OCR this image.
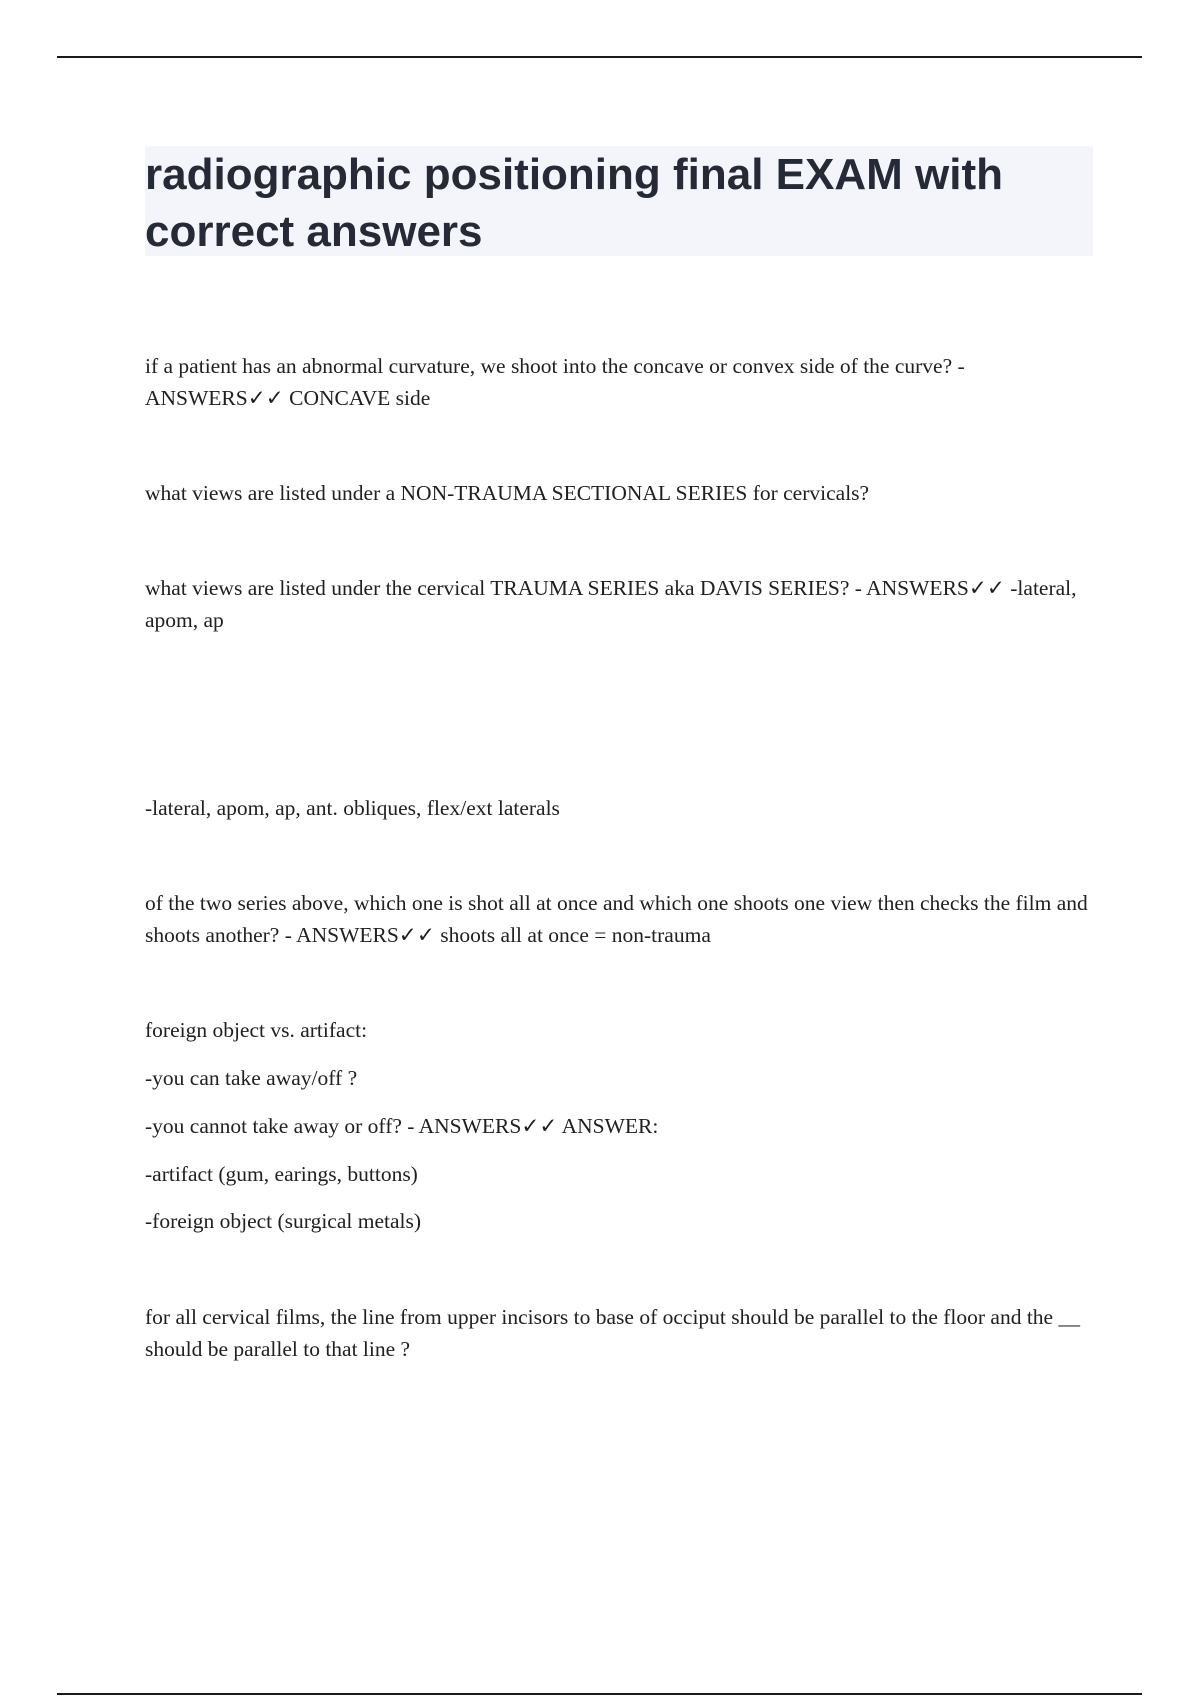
radiographic positioning final EXAM with correct answers

if a patient has an abnormal curvature, we shoot into the concave or convex side of the curve? - ANSWERS✓✓ CONCAVE side

what views are listed under a NON-TRAUMA SECTIONAL SERIES for cervicals?

what views are listed under the cervical TRAUMA SERIES aka DAVIS SERIES? - ANSWERS✓✓ -lateral, apom, ap

-lateral, apom, ap, ant. obliques, flex/ext laterals

of the two series above, which one is shot all at once and which one shoots one view then checks the film and shoots another? - ANSWERS✓✓ shoots all at once = non-trauma

foreign object vs. artifact:

-you can take away/off ?

-you cannot take away or off? - ANSWERS✓✓ ANSWER:

-artifact (gum, earings, buttons)

-foreign object (surgical metals)

for all cervical films, the line from upper incisors to base of occiput should be parallel to the floor and the __ should be parallel to that line ?
